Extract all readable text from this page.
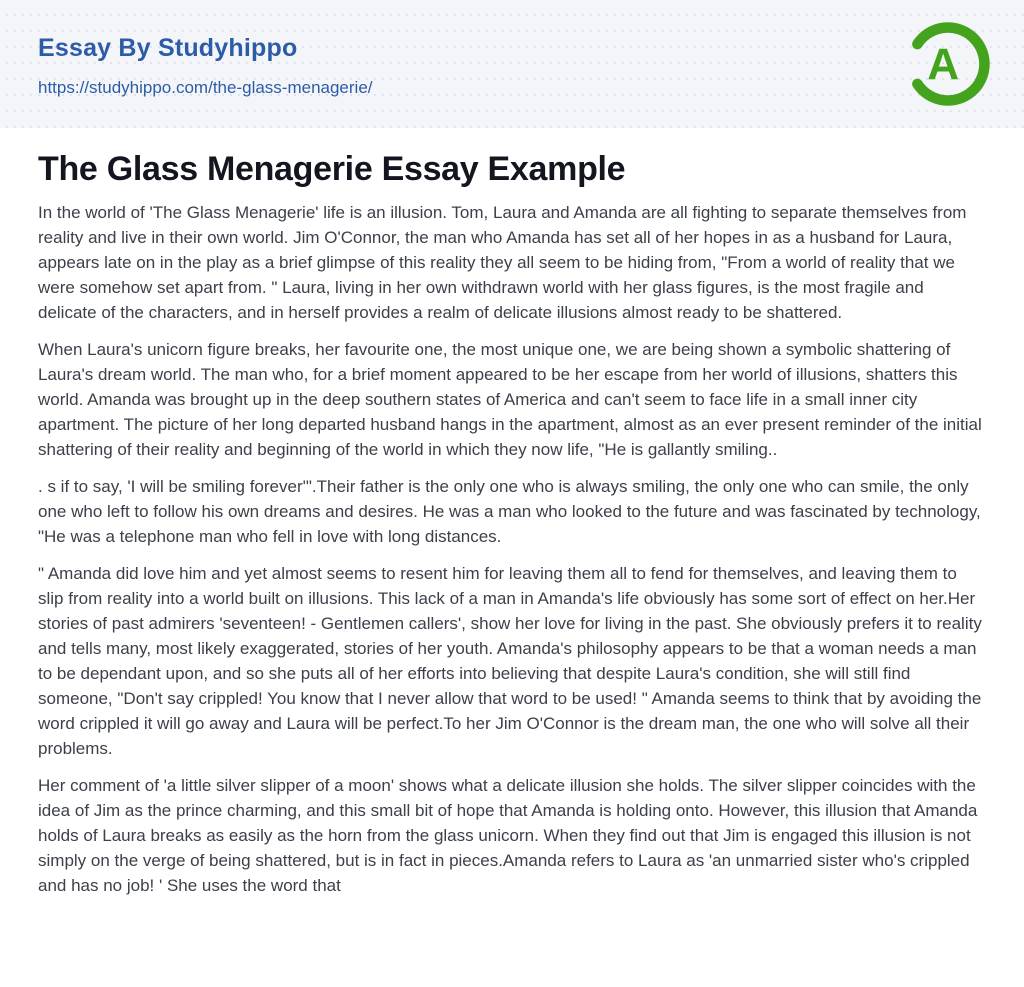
Essay By Studyhippo
https://studyhippo.com/the-glass-menagerie/	A
The Glass Menagerie Essay Example

In the world of 'The Glass Menagerie' life is an illusion. Tom, Laura and Amanda are all fighting to separate themselves from reality and live in their own world. Jim O'Connor, the man who Amanda has set all of her hopes in as a husband for Laura, appears late on in the play as a brief glimpse of this reality they all seem to be hiding from, "From a world of reality that we were somehow set apart from. " Laura, living in her own withdrawn world with her glass figures, is the most fragile and delicate of the characters, and in herself provides a realm of delicate illusions almost ready to be shattered.

When Laura's unicorn figure breaks, her favourite one, the most unique one, we are being shown a symbolic shattering of Laura's dream world. The man who, for a brief moment appeared to be her escape from her world of illusions, shatters this world. Amanda was brought up in the deep southern states of America and can't seem to face life in a small inner city apartment. The picture of her long departed husband hangs in the apartment, almost as an ever present reminder of the initial shattering of their reality and beginning of the world in which they now life, "He is gallantly smiling..

. s if to say, 'I will be smiling forever'".Their father is the only one who is always smiling, the only one who can smile, the only one who left to follow his own dreams and desires. He was a man who looked to the future and was fascinated by technology, "He was a telephone man who fell in love with long distances.

" Amanda did love him and yet almost seems to resent him for leaving them all to fend for themselves, and leaving them to slip from reality into a world built on illusions. This lack of a man in Amanda's life obviously has some sort of effect on her.Her stories of past admirers 'seventeen! - Gentlemen callers', show her love for living in the past. She obviously prefers it to reality and tells many, most likely exaggerated, stories of her youth. Amanda's philosophy appears to be that a woman needs a man to be dependant upon, and so she puts all of her efforts into believing that despite Laura's condition, she will still find someone, "Don't say crippled! You know that I never allow that word to be used! " Amanda seems to think that by avoiding the word crippled it will go away and Laura will be perfect.To her Jim O'Connor is the dream man, the one who will solve all their problems.

Her comment of 'a little silver slipper of a moon' shows what a delicate illusion she holds. The silver slipper coincides with the idea of Jim as the prince charming, and this small bit of hope that Amanda is holding onto. However, this illusion that Amanda holds of Laura breaks as easily as the horn from the glass unicorn. When they find out that Jim is engaged this illusion is not simply on the verge of being shattered, but is in fact in pieces.Amanda refers to Laura as 'an unmarried sister who's crippled and has no job! ' She uses the word that
